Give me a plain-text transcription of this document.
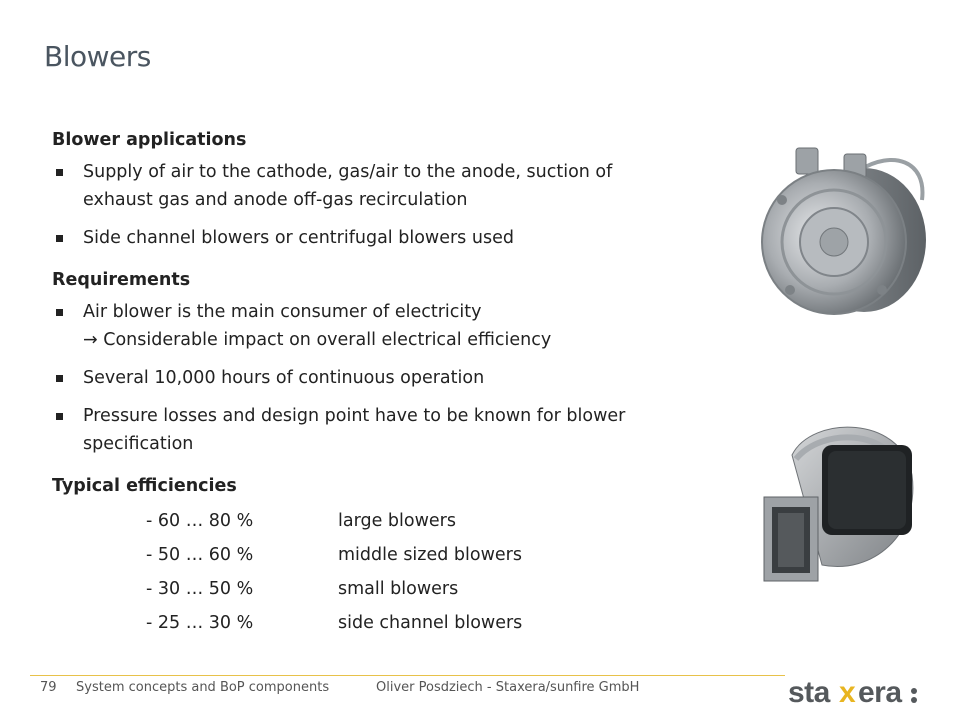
Blowers
Blower applications

Supply of air to the cathode, gas/air to the anode, suction of

exhaust gas and anode off-gas recirculation

Side channel blowers or centrifugal blowers used

Requirements

Air blower is the main consumer of electricity

→ Considerable impact on overall electrical efficiency

Several 10,000 hours of continuous operation

Pressure losses and design point have to be known for blower

specification

Typical efficiencies
- 60 … 80 %	large blowers
- 50 … 60 %	middle sized blowers
- 30 … 50 %	small blowers
- 25 … 30 %	side channel blowers
79 System concepts and BoP components	Oliver Posdziech - Staxera/sunfire GmbH	sta x era
